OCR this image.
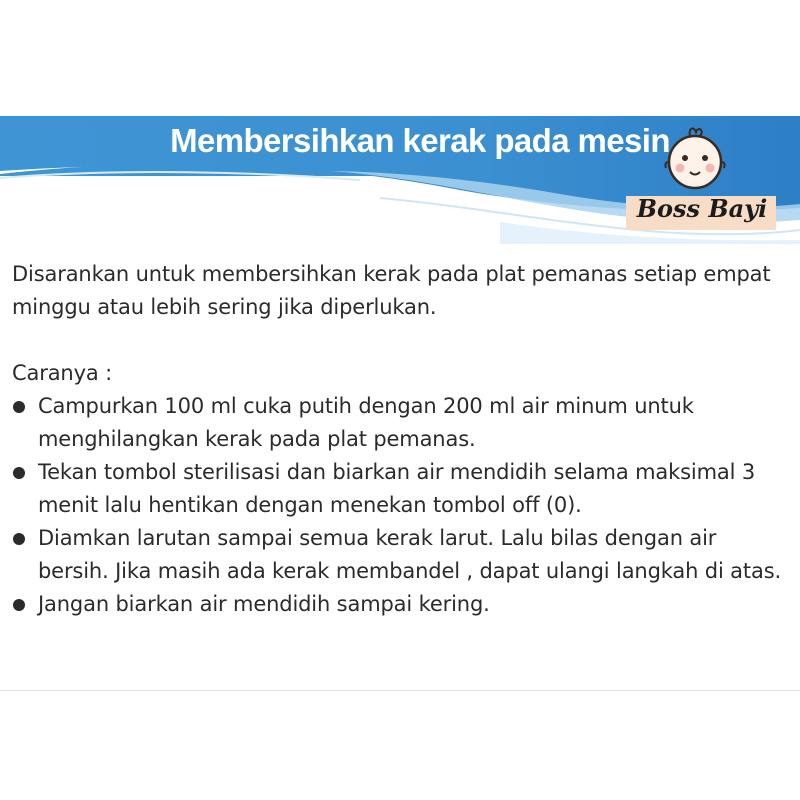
Membersihkan kerak pada mesin
Boss Bayi

Disarankan untuk membersihkan kerak pada plat pemanas setiap empat minggu atau lebih sering jika diperlukan.

Caranya :

Campurkan 100 ml cuka putih dengan 200 ml air minum untuk menghilangkan kerak pada plat pemanas.
Tekan tombol sterilisasi dan biarkan air mendidih selama maksimal 3 menit lalu hentikan dengan menekan tombol off (0).
Diamkan larutan sampai semua kerak larut. Lalu bilas dengan air bersih. Jika masih ada kerak membandel , dapat ulangi langkah di atas.
Jangan biarkan air mendidih sampai kering.
